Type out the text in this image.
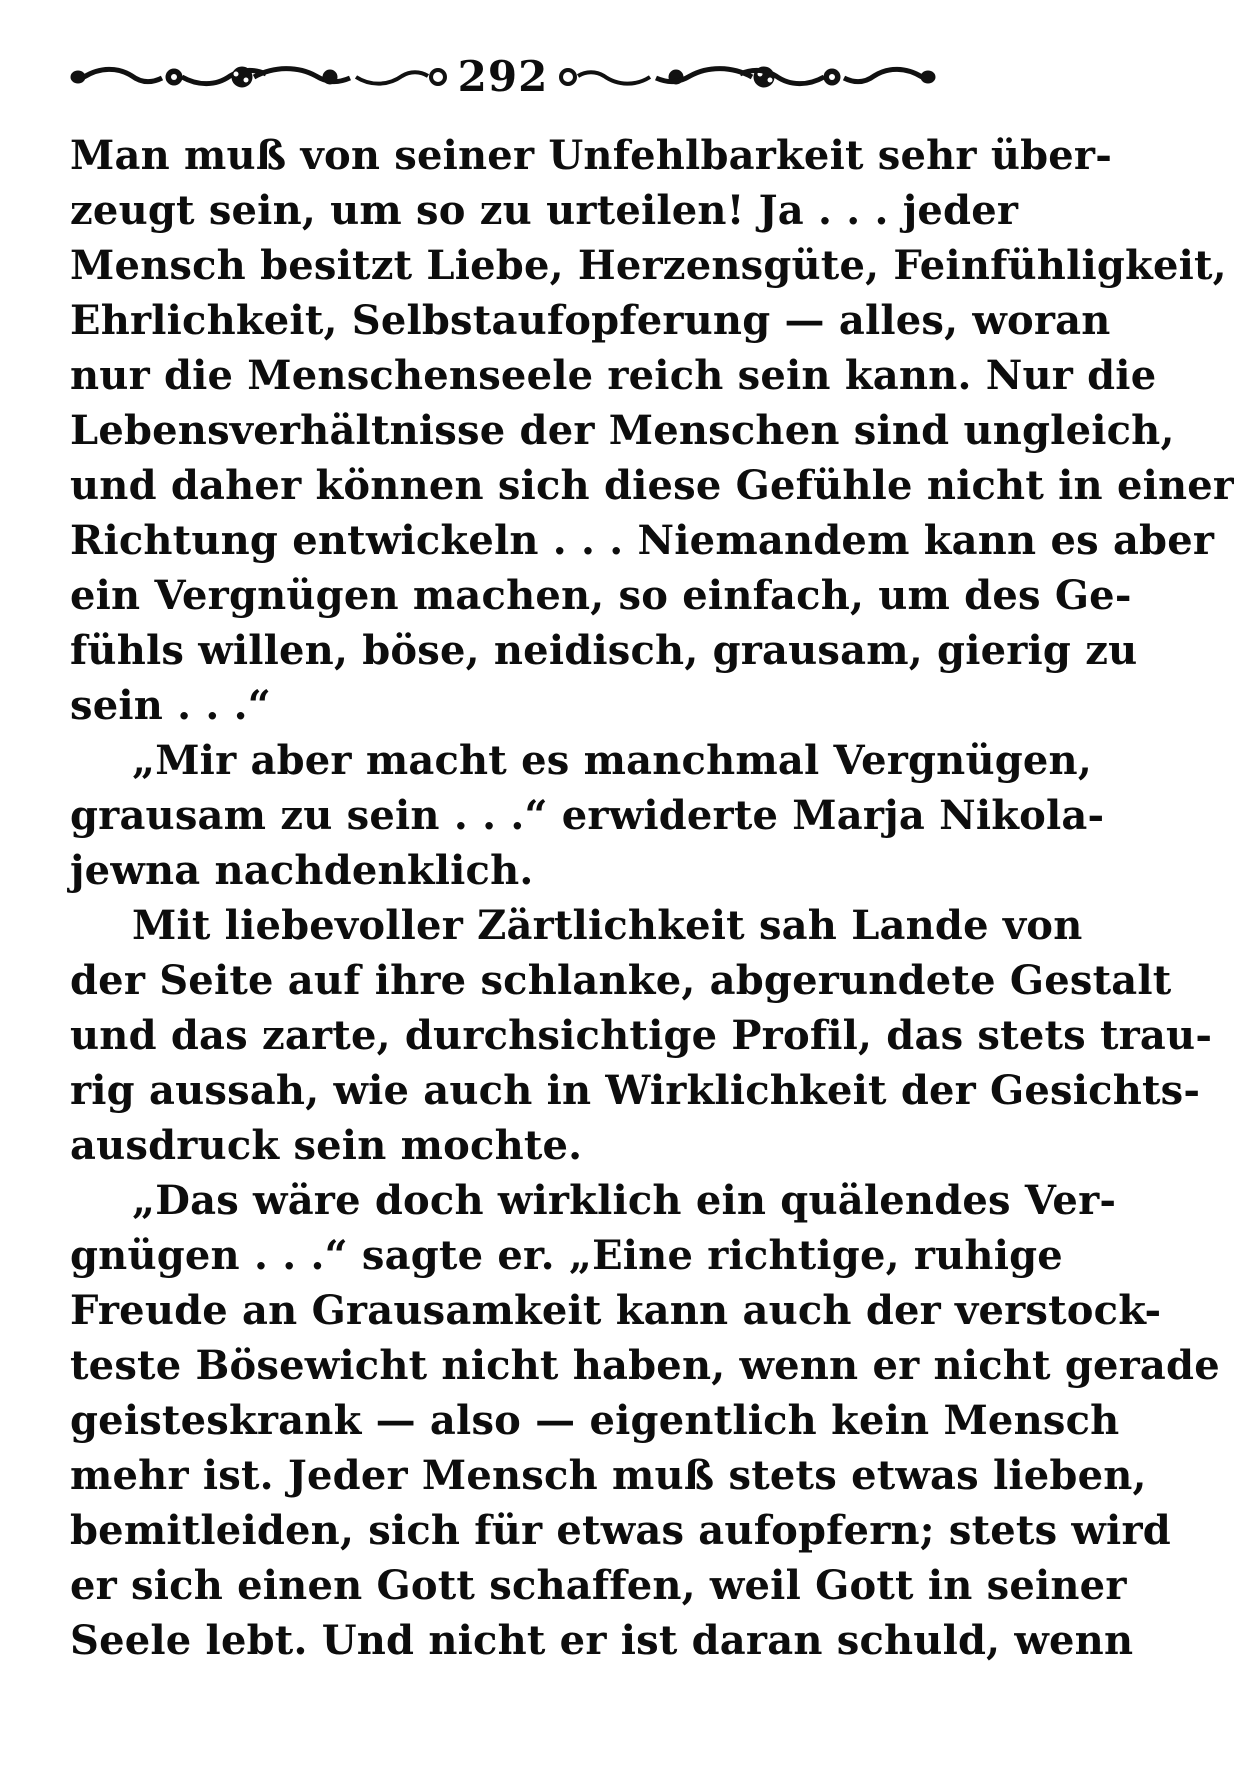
292
Man muß von seiner Unfehlbarkeit sehr über-
zeugt sein, um so zu urteilen! Ja . . . jeder
Mensch besitzt Liebe, Herzensgüte, Feinfühligkeit,
Ehrlichkeit, Selbstaufopferung — alles, woran
nur die Menschenseele reich sein kann. Nur die
Lebensverhältnisse der Menschen sind ungleich,
und daher können sich diese Gefühle nicht in einer
Richtung entwickeln . . . Niemandem kann es aber
ein Vergnügen machen, so einfach, um des Ge-
fühls willen, böse, neidisch, grausam, gierig zu
sein . . .“
„Mir aber macht es manchmal Vergnügen,
grausam zu sein . . .“ erwiderte Marja Nikola-
jewna nachdenklich.
Mit liebevoller Zärtlichkeit sah Lande von
der Seite auf ihre schlanke, abgerundete Gestalt
und das zarte, durchsichtige Profil, das stets trau-
rig aussah, wie auch in Wirklichkeit der Gesichts-
ausdruck sein mochte.
„Das wäre doch wirklich ein quälendes Ver-
gnügen . . .“ sagte er. „Eine richtige, ruhige
Freude an Grausamkeit kann auch der verstock-
teste Bösewicht nicht haben, wenn er nicht gerade
geisteskrank — also — eigentlich kein Mensch
mehr ist. Jeder Mensch muß stets etwas lieben,
bemitleiden, sich für etwas aufopfern; stets wird
er sich einen Gott schaffen, weil Gott in seiner
Seele lebt. Und nicht er ist daran schuld, wenn
